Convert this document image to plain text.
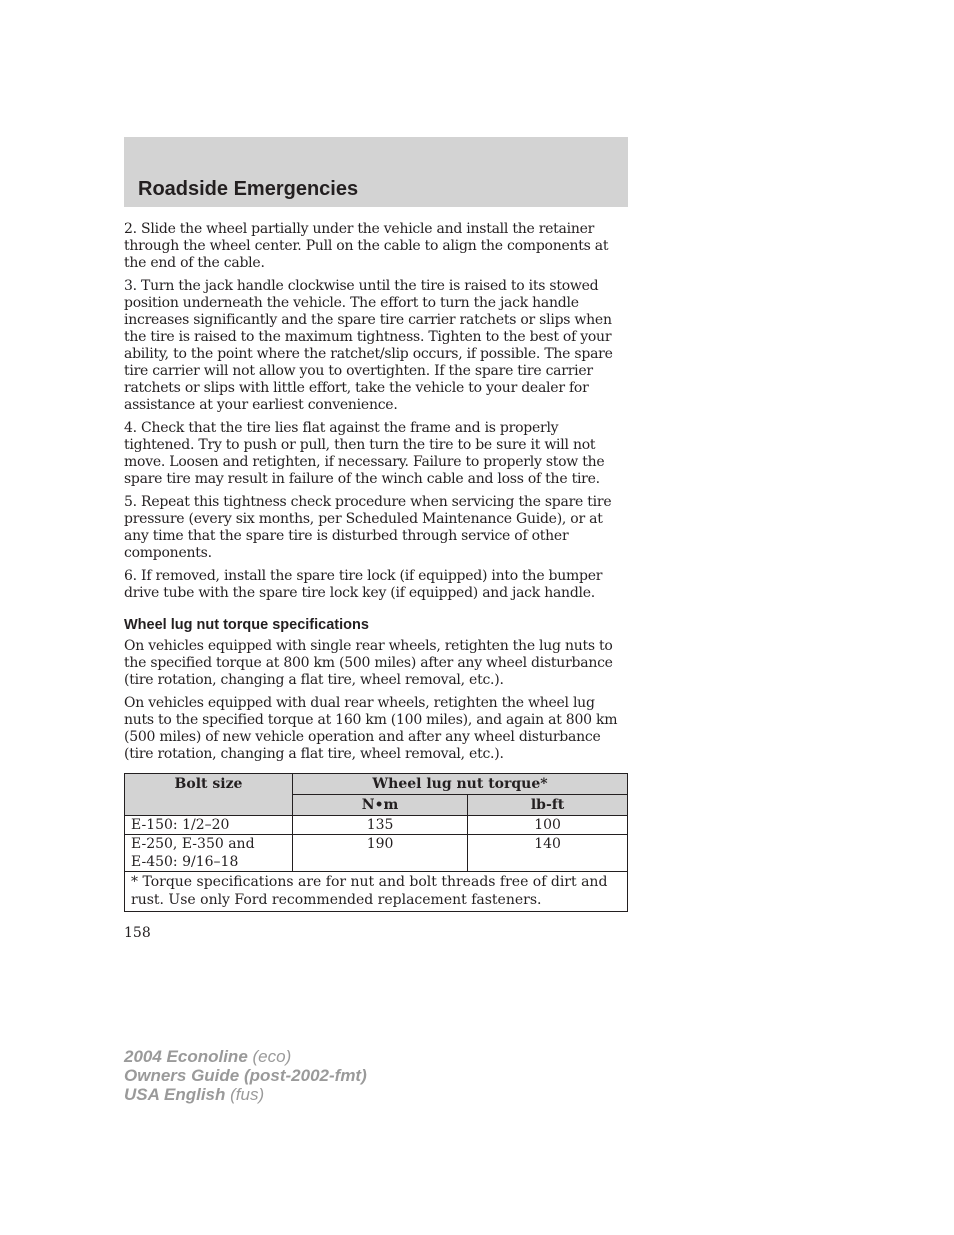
Roadside Emergencies

2. Slide the wheel partially under the vehicle and install the retainer through the wheel center. Pull on the cable to align the components at the end of the cable.

3. Turn the jack handle clockwise until the tire is raised to its stowed position underneath the vehicle. The effort to turn the jack handle increases significantly and the spare tire carrier ratchets or slips when the tire is raised to the maximum tightness. Tighten to the best of your ability, to the point where the ratchet/slip occurs, if possible. The spare tire carrier will not allow you to overtighten. If the spare tire carrier ratchets or slips with little effort, take the vehicle to your dealer for assistance at your earliest convenience.

4. Check that the tire lies flat against the frame and is properly tightened. Try to push or pull, then turn the tire to be sure it will not move. Loosen and retighten, if necessary. Failure to properly stow the spare tire may result in failure of the winch cable and loss of the tire.

5. Repeat this tightness check procedure when servicing the spare tire pressure (every six months, per Scheduled Maintenance Guide), or at any time that the spare tire is disturbed through service of other components.

6. If removed, install the spare tire lock (if equipped) into the bumper drive tube with the spare tire lock key (if equipped) and jack handle.

Wheel lug nut torque specifications

On vehicles equipped with single rear wheels, retighten the lug nuts to the specified torque at 800 km (500 miles) after any wheel disturbance (tire rotation, changing a flat tire, wheel removal, etc.).

On vehicles equipped with dual rear wheels, retighten the wheel lug nuts to the specified torque at 160 km (100 miles), and again at 800 km (500 miles) of new vehicle operation and after any wheel disturbance (tire rotation, changing a flat tire, wheel removal, etc.).

Bolt size	Wheel lug nut torque*	
	N•m	lb-ft
E-150: 1/2–20	135	100
E-250, E-350 and
E-450: 9/16–18	190	140
* Torque specifications are for nut and bolt threads free of dirt and rust. Use only Ford recommended replacement fasteners.		
158
2004 Econoline (eco)
Owners Guide (post-2002-fmt)
USA English (fus)
